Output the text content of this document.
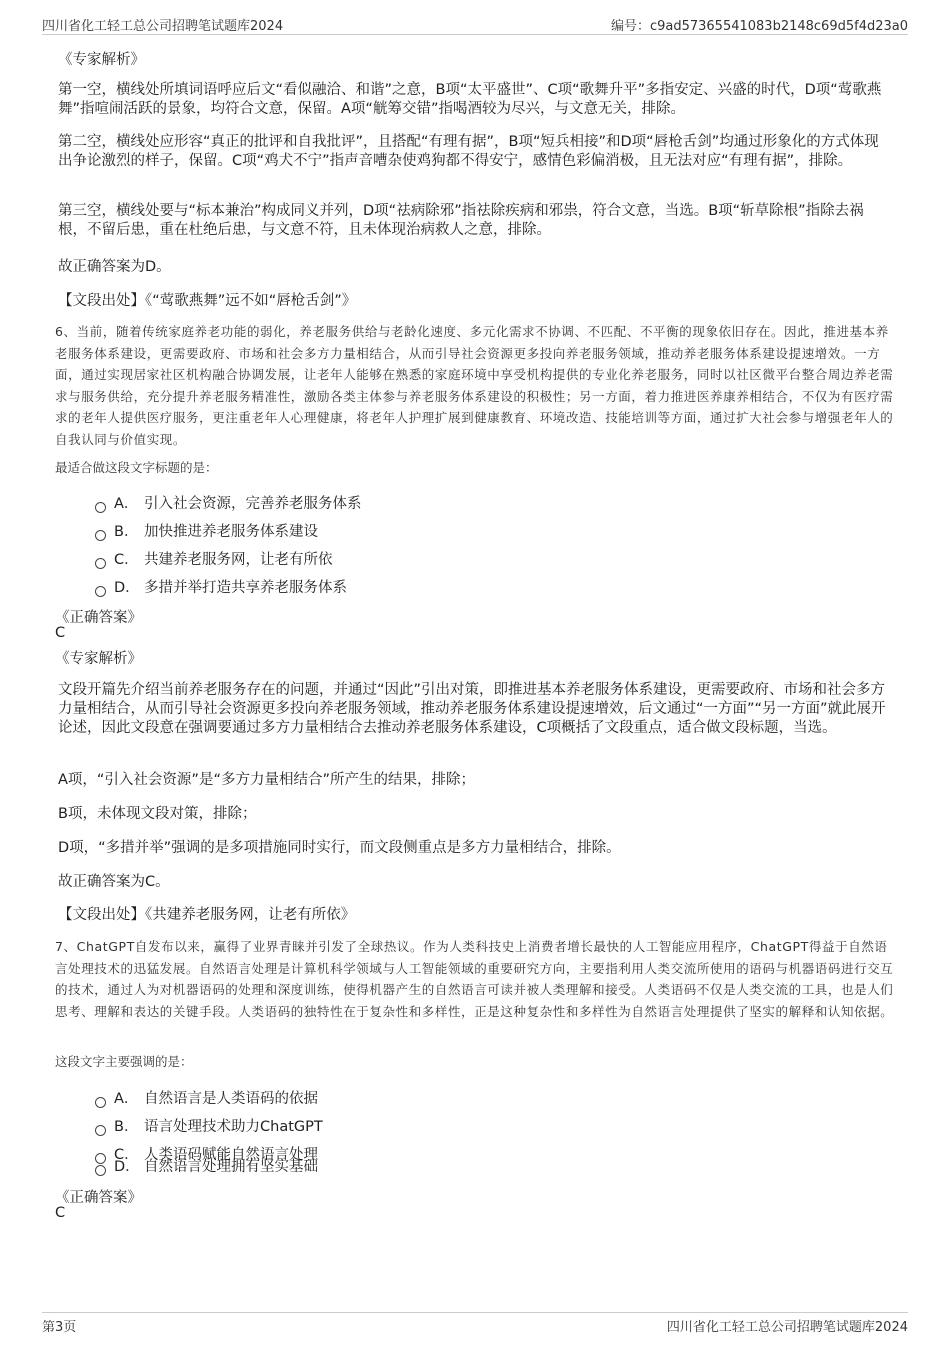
四川省化工轻工总公司招聘笔试题库2024	编号：c9ad57365541083b2148c69d5f4d23a0
《专家解析》
第一空，横线处所填词语呼应后文“看似融洽、和谐”之意，B项“太平盛世”、C项“歌舞升平”多指安定、兴盛的时代，D项“莺歌燕舞”指喧闹活跃的景象，均符合文意，保留。A项“觥筹交错”指喝酒较为尽兴，与文意无关，排除。
第二空，横线处应形容“真正的批评和自我批评”，且搭配“有理有据”，B项“短兵相接”和D项“唇枪舌剑”均通过形象化的方式体现出争论激烈的样子，保留。C项“鸡犬不宁”指声音嘈杂使鸡狗都不得安宁，感情色彩偏消极，且无法对应“有理有据”，排除。
第三空，横线处要与“标本兼治”构成同义并列，D项“祛病除邪”指祛除疾病和邪祟，符合文意，当选。B项“斩草除根”指除去祸根，不留后患，重在杜绝后患，与文意不符，且未体现治病救人之意，排除。
故正确答案为D。
【文段出处】《“莺歌燕舞”远不如“唇枪舌剑”》
6、当前，随着传统家庭养老功能的弱化，养老服务供给与老龄化速度、多元化需求不协调、不匹配、不平衡的现象依旧存在。因此，推进基本养老服务体系建设，更需要政府、市场和社会多方力量相结合，从而引导社会资源更多投向养老服务领域，推动养老服务体系建设提速增效。一方面，通过实现居家社区机构融合协调发展，让老年人能够在熟悉的家庭环境中享受机构提供的专业化养老服务，同时以社区微平台整合周边养老需求与服务供给，充分提升养老服务精准性，激励各类主体参与养老服务体系建设的积极性；另一方面，着力推进医养康养相结合，不仅为有医疗需求的老年人提供医疗服务，更注重老年人心理健康，将老年人护理扩展到健康教育、环境改造、技能培训等方面，通过扩大社会参与增强老年人的自我认同与价值实现。
最适合做这段文字标题的是：
A． 引入社会资源，完善养老服务体系
B． 加快推进养老服务体系建设
C． 共建养老服务网，让老有所依
D． 多措并举打造共享养老服务体系
《正确答案》
C
《专家解析》
文段开篇先介绍当前养老服务存在的问题，并通过“因此”引出对策，即推进基本养老服务体系建设，更需要政府、市场和社会多方力量相结合，从而引导社会资源更多投向养老服务领域，推动养老服务体系建设提速增效，后文通过“一方面”“另一方面”就此展开论述，因此文段意在强调要通过多方力量相结合去推动养老服务体系建设，C项概括了文段重点，适合做文段标题，当选。
A项，“引入社会资源”是“多方力量相结合”所产生的结果，排除；
B项，未体现文段对策，排除；
D项，“多措并举”强调的是多项措施同时实行，而文段侧重点是多方力量相结合，排除。
故正确答案为C。
【文段出处】《共建养老服务网，让老有所依》
7、ChatGPT自发布以来，赢得了业界青睐并引发了全球热议。作为人类科技史上消费者增长最快的人工智能应用程序，ChatGPT得益于自然语言处理技术的迅猛发展。自然语言处理是计算机科学领域与人工智能领域的重要研究方向，主要指利用人类交流所使用的语码与机器语码进行交互的技术，通过人为对机器语码的处理和深度训练，使得机器产生的自然语言可读并被人类理解和接受。人类语码不仅是人类交流的工具，也是人们思考、理解和表达的关键手段。人类语码的独特性在于复杂性和多样性，正是这种复杂性和多样性为自然语言处理提供了坚实的解释和认知依据。
这段文字主要强调的是：
A． 自然语言是人类语码的依据
B． 语言处理技术助力ChatGPT
C． 人类语码赋能自然语言处理
D． 自然语言处理拥有坚实基础
《正确答案》
C
第3页	四川省化工轻工总公司招聘笔试题库2024
